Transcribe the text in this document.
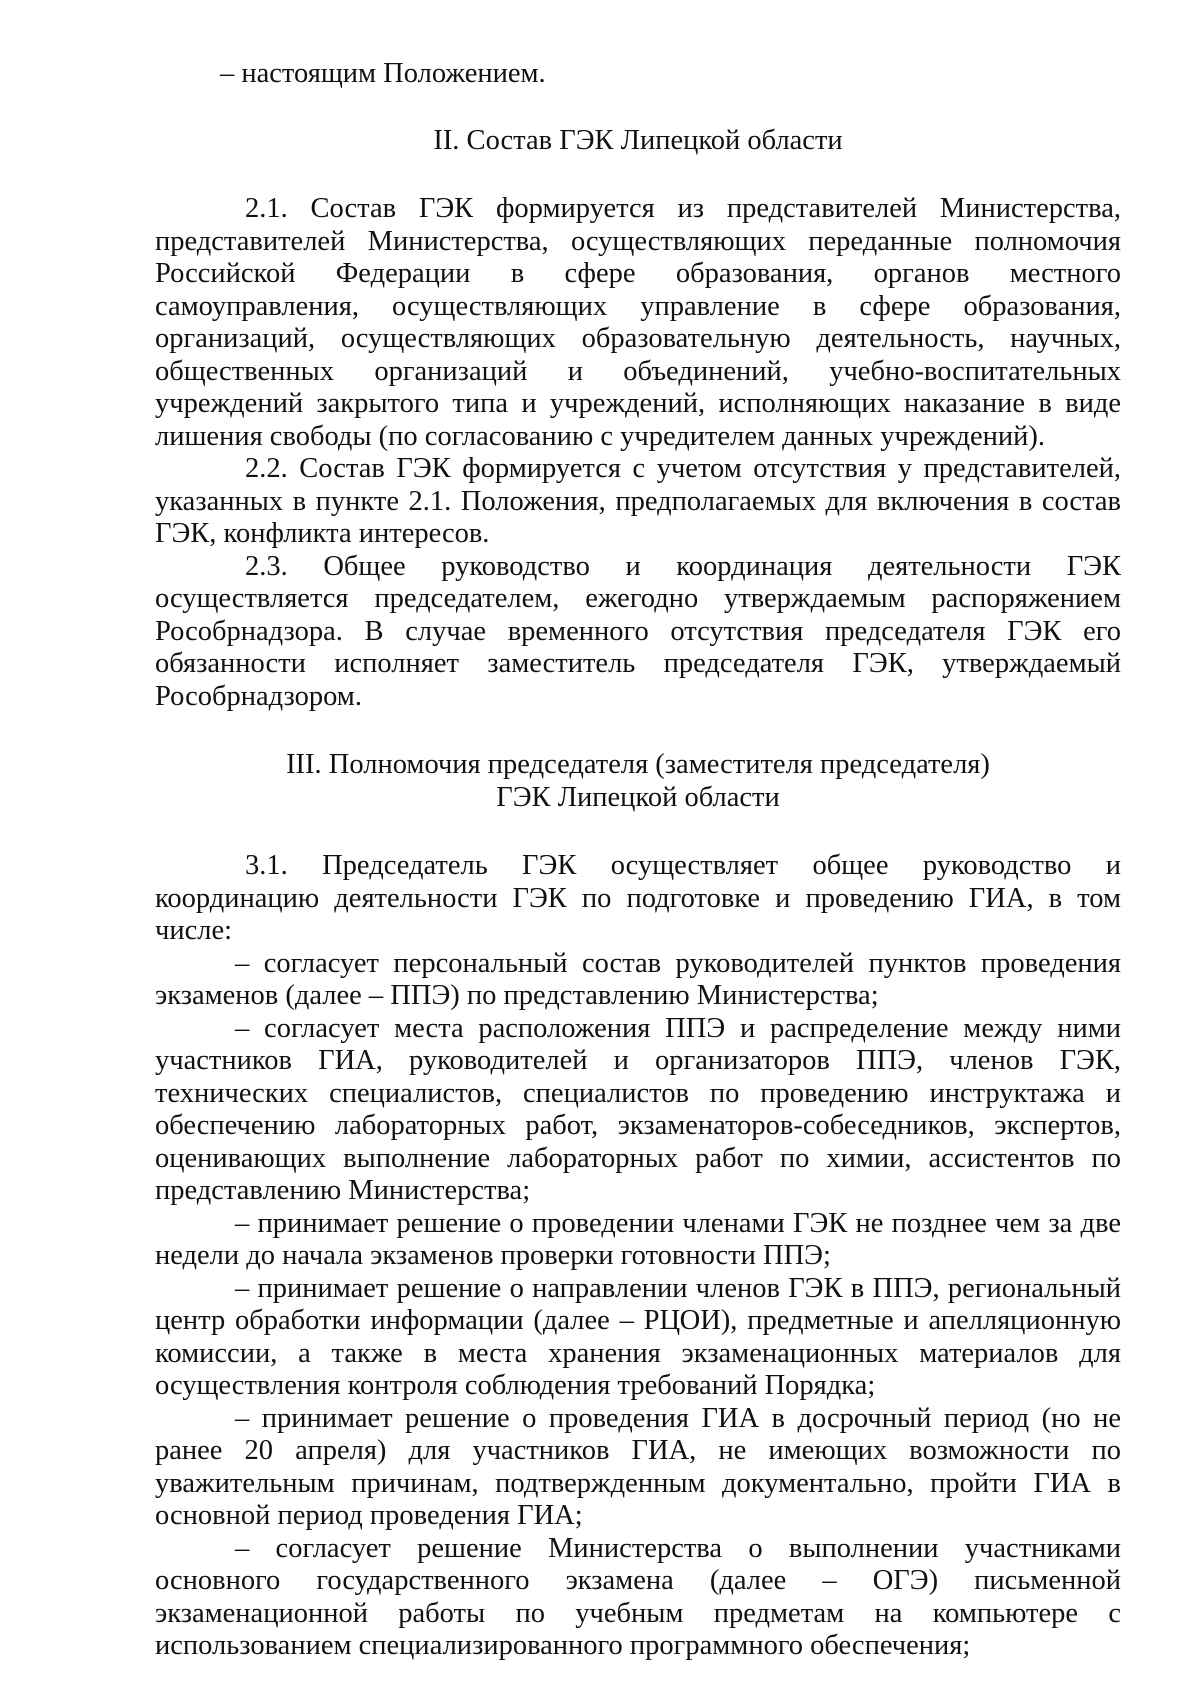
– настоящим Положением.

II. Состав ГЭК Липецкой области

2.1. Состав ГЭК формируется из представителей Министерства, представителей Министерства, осуществляющих переданные полномочия Российской Федерации в сфере образования, органов местного самоуправления, осуществляющих управление в сфере образования, организаций, осуществляющих образовательную деятельность, научных, общественных организаций и объединений, учебно-воспитательных учреждений закрытого типа и учреждений, исполняющих наказание в виде лишения свободы (по согласованию с учредителем данных учреждений).

2.2. Состав ГЭК формируется с учетом отсутствия у представителей, указанных в пункте 2.1. Положения, предполагаемых для включения в состав ГЭК, конфликта интересов.

2.3. Общее руководство и координация деятельности ГЭК осуществляется председателем, ежегодно утверждаемым распоряжением Рособрнадзора. В случае временного отсутствия председателя ГЭК его обязанности исполняет заместитель председателя ГЭК, утверждаемый Рособрнадзором.

III. Полномочия председателя (заместителя председателя)
ГЭК Липецкой области

3.1. Председатель ГЭК осуществляет общее руководство и координацию деятельности ГЭК по подготовке и проведению ГИА, в том числе:

– согласует персональный состав руководителей пунктов проведения экзаменов (далее – ППЭ) по представлению Министерства;

– согласует места расположения ППЭ и распределение между ними участников ГИА, руководителей и организаторов ППЭ, членов ГЭК, технических специалистов, специалистов по проведению инструктажа и обеспечению лабораторных работ, экзаменаторов-собеседников, экспертов, оценивающих выполнение лабораторных работ по химии, ассистентов по представлению Министерства;

– принимает решение о проведении членами ГЭК не позднее чем за две недели до начала экзаменов проверки готовности ППЭ;

– принимает решение о направлении членов ГЭК в ППЭ, региональный центр обработки информации (далее – РЦОИ), предметные и апелляционную комиссии, а также в места хранения экзаменационных материалов для осуществления контроля соблюдения требований Порядка;

– принимает решение о проведения ГИА в досрочный период (но не ранее 20 апреля) для участников ГИА, не имеющих возможности по уважительным причинам, подтвержденным документально, пройти ГИА в основной период проведения ГИА;

– согласует решение Министерства о выполнении участниками основного государственного экзамена (далее – ОГЭ) письменной экзаменационной работы по учебным предметам на компьютере с использованием специализированного программного обеспечения;
